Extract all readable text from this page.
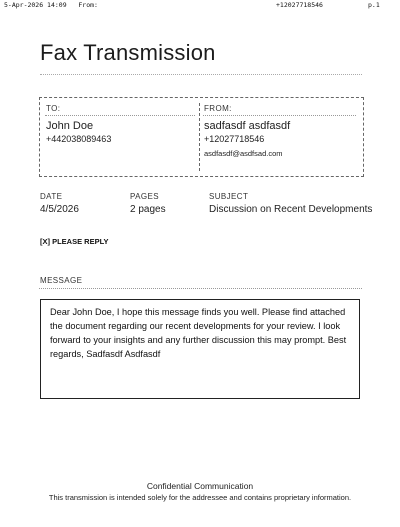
5-Apr-2026 14:09 From:	+12027718546	p.1
Fax Transmission
TO:
John Doe
+442038089463
FROM:
sadfasdf asdfasdf
+12027718546
asdfasdf@asdfsad.com
DATE	PAGES	SUBJECT
4/5/2026	2 pages	Discussion on Recent Developments
[X] PLEASE REPLY
MESSAGE
Dear John Doe, I hope this message finds you well. Please find attached the document regarding our recent developments for your review. I look forward to your insights and any further discussion this may prompt. Best regards, Sadfasdf Asdfasdf
Confidential Communication
This transmission is intended solely for the addressee and contains proprietary information.
